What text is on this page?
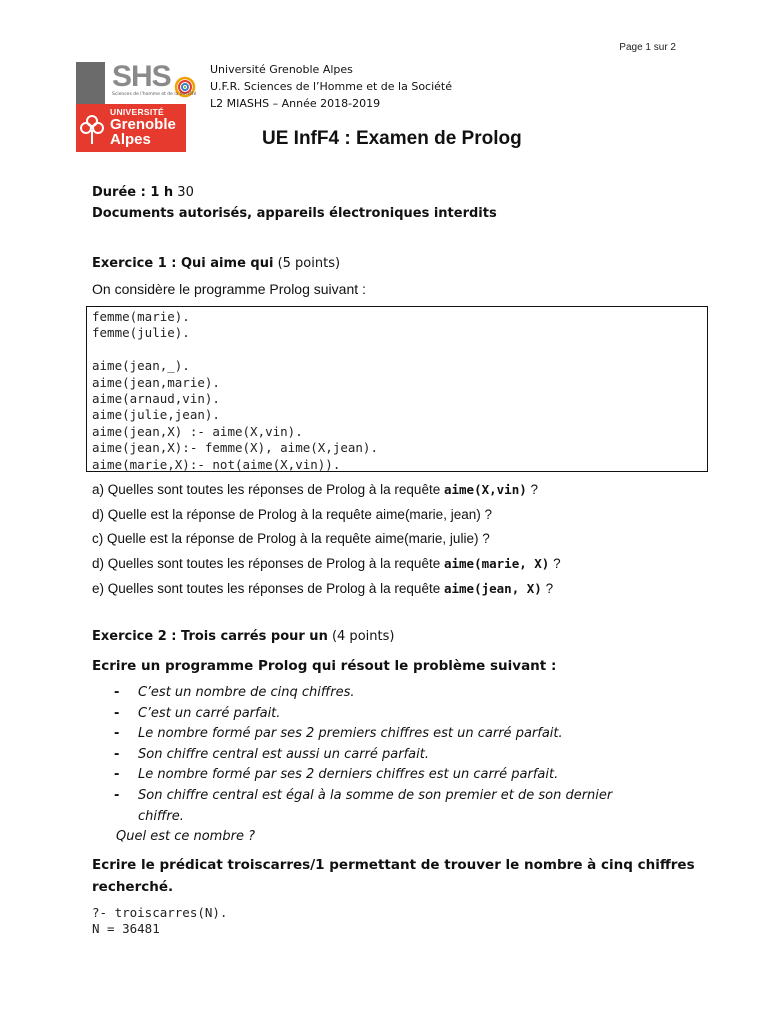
Page 1 sur 2
SHS
Sciences de l'homme et de la Société
UNIVERSITÉ
Grenoble
Alpes
Université Grenoble Alpes
U.F.R. Sciences de l’Homme et de la Société
L2 MIASHS – Année 2018-2019
UE InfF4 : Examen de Prolog
Durée : 1 h 30
Documents autorisés, appareils électroniques interdits
Exercice 1 : Qui aime qui (5 points)
On considère le programme Prolog suivant :
femme(marie).
femme(julie).

aime(jean,_).
aime(jean,marie).
aime(arnaud,vin).
aime(julie,jean).
aime(jean,X) :- aime(X,vin).
aime(jean,X):- femme(X), aime(X,jean).
aime(marie,X):- not(aime(X,vin)).
a) Quelles sont toutes les réponses de Prolog à la requête aime(X,vin) ?
d) Quelle est la réponse de Prolog à la requête aime(marie, jean) ?
c) Quelle est la réponse de Prolog à la requête aime(marie, julie) ?
d) Quelles sont toutes les réponses de Prolog à la requête aime(marie, X) ?
e) Quelles sont toutes les réponses de Prolog à la requête aime(jean, X) ?
Exercice 2 : Trois carrés pour un (4 points)
Ecrire un programme Prolog qui résout le problème suivant :
- C’est un nombre de cinq chiffres.
- C’est un carré parfait.
- Le nombre formé par ses 2 premiers chiffres est un carré parfait.
- Son chiffre central est aussi un carré parfait.
- Le nombre formé par ses 2 derniers chiffres est un carré parfait.
- Son chiffre central est égal à la somme de son premier et de son dernier
chiffre.
Quel est ce nombre ?
Ecrire le prédicat troiscarres/1 permettant de trouver le nombre à cinq chiffres
recherché.
?- troiscarres(N).
N = 36481
